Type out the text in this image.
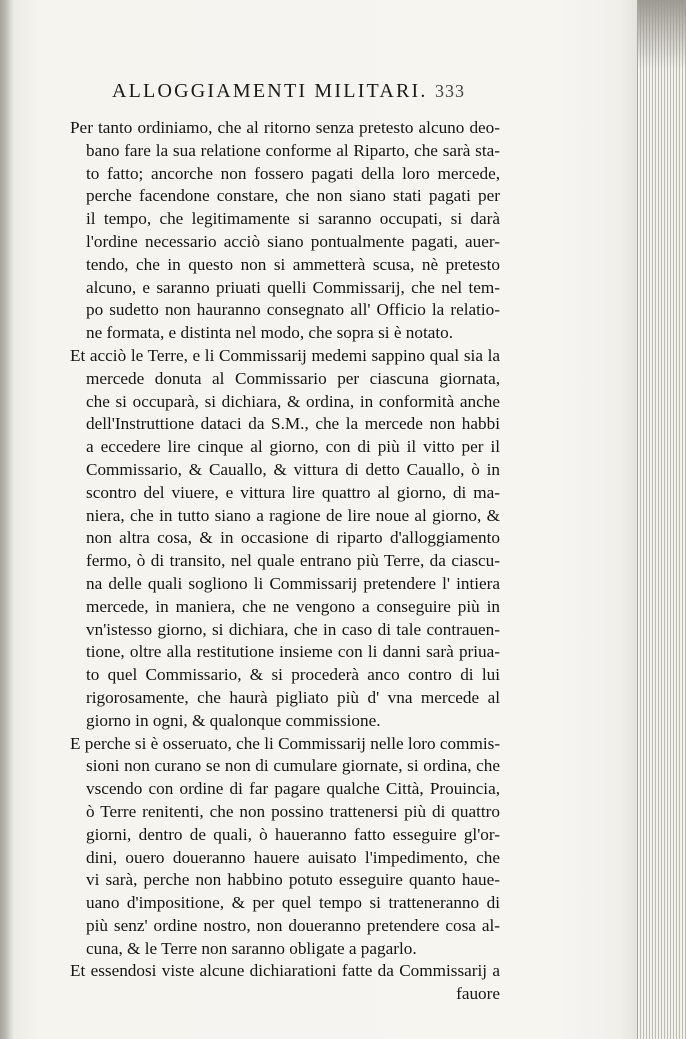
ALLOGGIAMENTI MILITARI. 333
Per tanto ordiniamo, che al ritorno senza pretesto alcuno deo-
bano fare la sua relatione conforme al Riparto, che sarà sta-
to fatto; ancorche non fossero pagati della loro mercede,
perche facendone constare, che non siano stati pagati per
il tempo, che legitimamente si saranno occupati, si darà
l'ordine necessario acciò siano pontualmente pagati, auer-
tendo, che in questo non si ammetterà scusa, nè pretesto
alcuno, e saranno priuati quelli Commissarij, che nel tem-
po sudetto non hauranno consegnato all' Officio la relatio-
ne formata, e distinta nel modo, che sopra si è notato.
Et acciò le Terre, e li Commissarij medemi sappino qual sia la
mercede donuta al Commissario per ciascuna giornata,
che si occuparà, si dichiara, & ordina, in conformità anche
dell'Instruttione dataci da S.M., che la mercede non habbi
a eccedere lire cinque al giorno, con di più il vitto per il
Commissario, & Cauallo, & vittura di detto Cauallo, ò in
scontro del viuere, e vittura lire quattro al giorno, di ma-
niera, che in tutto siano a ragione de lire noue al giorno, &
non altra cosa, & in occasione di riparto d'alloggiamento
fermo, ò di transito, nel quale entrano più Terre, da ciascu-
na delle quali sogliono li Commissarij pretendere l' intiera
mercede, in maniera, che ne vengono a conseguire più in
vn'istesso giorno, si dichiara, che in caso di tale contrauen-
tione, oltre alla restitutione insieme con li danni sarà priua-
to quel Commissario, & si procederà anco contro di lui
rigorosamente, che haurà pigliato più d' vna mercede al
giorno in ogni, & qualonque commissione.
E perche si è osseruato, che li Commissarij nelle loro commis-
sioni non curano se non di cumulare giornate, si ordina, che
vscendo con ordine di far pagare qualche Città, Prouincia,
ò Terre renitenti, che non possino trattenersi più di quattro
giorni, dentro de quali, ò haueranno fatto esseguire gl'or-
dini, ouero doueranno hauere auisato l'impedimento, che
vi sarà, perche non habbino potuto esseguire quanto haue-
uano d'impositione, & per quel tempo si tratteneranno di
più senz' ordine nostro, non doueranno pretendere cosa al-
cuna, & le Terre non saranno obligate a pagarlo.
Et essendosi viste alcune dichiarationi fatte da Commissarij a
fauore
